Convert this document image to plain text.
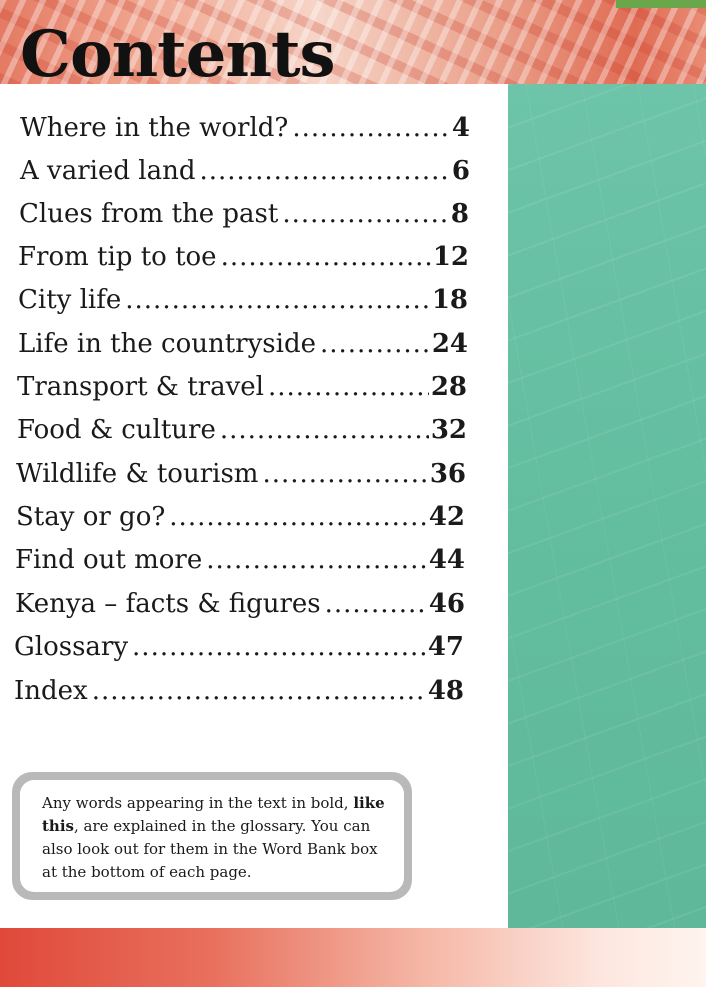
Contents
Where in the world? .....	4
A varied land .....	6
Clues from the past .....	8
From tip to toe .....	12
City life .....	18
Life in the countryside .....	24
Transport & travel .....	28
Food & culture .....	32
Wildlife & tourism .....	36
Stay or go? .....	42
Find out more .....	44
Kenya – facts & figures .....	46
Glossary .....	47
Index .....	48
Any words appearing in the text in bold, like this, are explained in the glossary. You can also look out for them in the Word Bank box at the bottom of each page.
